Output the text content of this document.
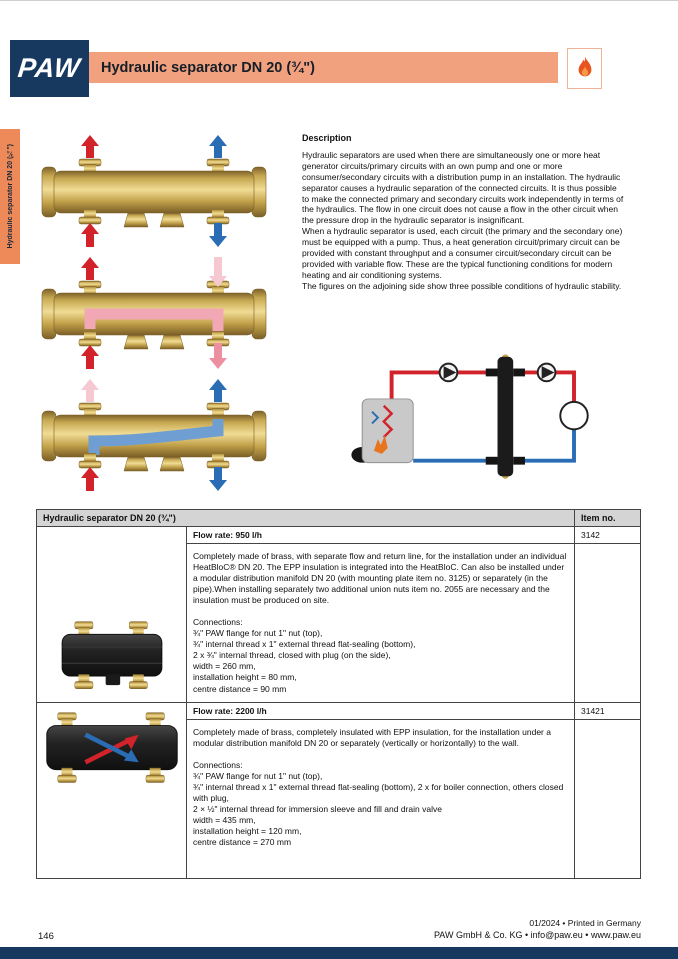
PAW Hydraulic separator DN 20 (¾")
Hydraulic separator DN 20 (¾")
Description

Hydraulic separators are used when there are simultaneously one or more heat generator circuits/primary circuits with an own pump and one or more consumer/secondary circuits with a distribution pump in an installation. The hydraulic separator causes a hydraulic separation of the connected circuits. It is thus possible to make the connected primary and secondary circuits work independently in terms of the hydraulics. The flow in one circuit does not cause a flow in the other circuit when the pressure drop in the hydraulic separator is insignificant.

When a hydraulic separator is used, each circuit (the primary and the secondary one) must be equipped with a pump. Thus, a heat generation circuit/primary circuit can be provided with constant throughput and a consumer circuit/secondary circuit can be provided with variable flow. These are the typical functioning conditions for modern heating and air conditioning systems.

The figures on the adjoining side show three possible conditions of hydraulic stability.

Hydraulic separator DN 20 (¾")	Item no.
Flow rate: 950 l/h	3142

Completely made of brass, with separate flow and return line, for the installation under an individual HeatBloC® DN 20. The EPP insulation is integrated into the HeatBloC. Can also be installed under a modular distribution manifold DN 20 (with mounting plate item no. 3125) or separately (in the pipe).When installing separately two additional union nuts item no. 2055 are necessary and the insulation must be produced on site.

Connections:

¾" PAW flange for nut 1" nut (top),
¾" internal thread x 1" external thread flat-sealing (bottom),
2 x ¾" internal thread, closed with plug (on the side),
width = 260 mm,
installation height = 80 mm,
centre distance = 90 mm
Flow rate: 2200 l/h	31421

Completely made of brass, completely insulated with EPP insulation, for the installation under a modular distribution manifold DN 20 or separately (vertically or horizontally) to the wall.

Connections:

¾" PAW flange for nut 1" nut (top),
¾" internal thread x 1" external thread flat-sealing (bottom), 2 x for boiler connection, others closed with plug,
2 × ½" internal thread for immersion sleeve and fill and drain valve
width = 435 mm,
installation height = 120 mm,
centre distance = 270 mm
146
01/2024 • Printed in Germany
PAW GmbH & Co. KG • info@paw.eu • www.paw.eu
